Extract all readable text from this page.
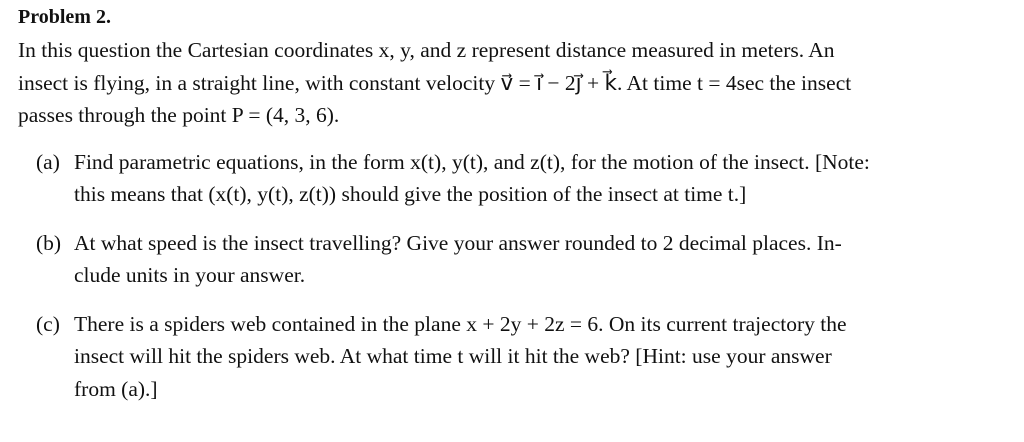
Problem 2.

In this question the Cartesian coordinates x, y, and z represent distance measured in meters. An
insect is flying, in a straight line, with constant velocity v⃗ = ı⃗ − 2ȷ⃗ + k⃗. At time t = 4sec the insect
passes through the point P = (4, 3, 6).

(a) Find parametric equations, in the form x(t), y(t), and z(t), for the motion of the insect. [Note:
this means that (x(t), y(t), z(t)) should give the position of the insect at time t.]
(b) At what speed is the insect travelling? Give your answer rounded to 2 decimal places. In-
clude units in your answer.
(c) There is a spiders web contained in the plane x + 2y + 2z = 6. On its current trajectory the
insect will hit the spiders web. At what time t will it hit the web? [Hint: use your answer
from (a).]
